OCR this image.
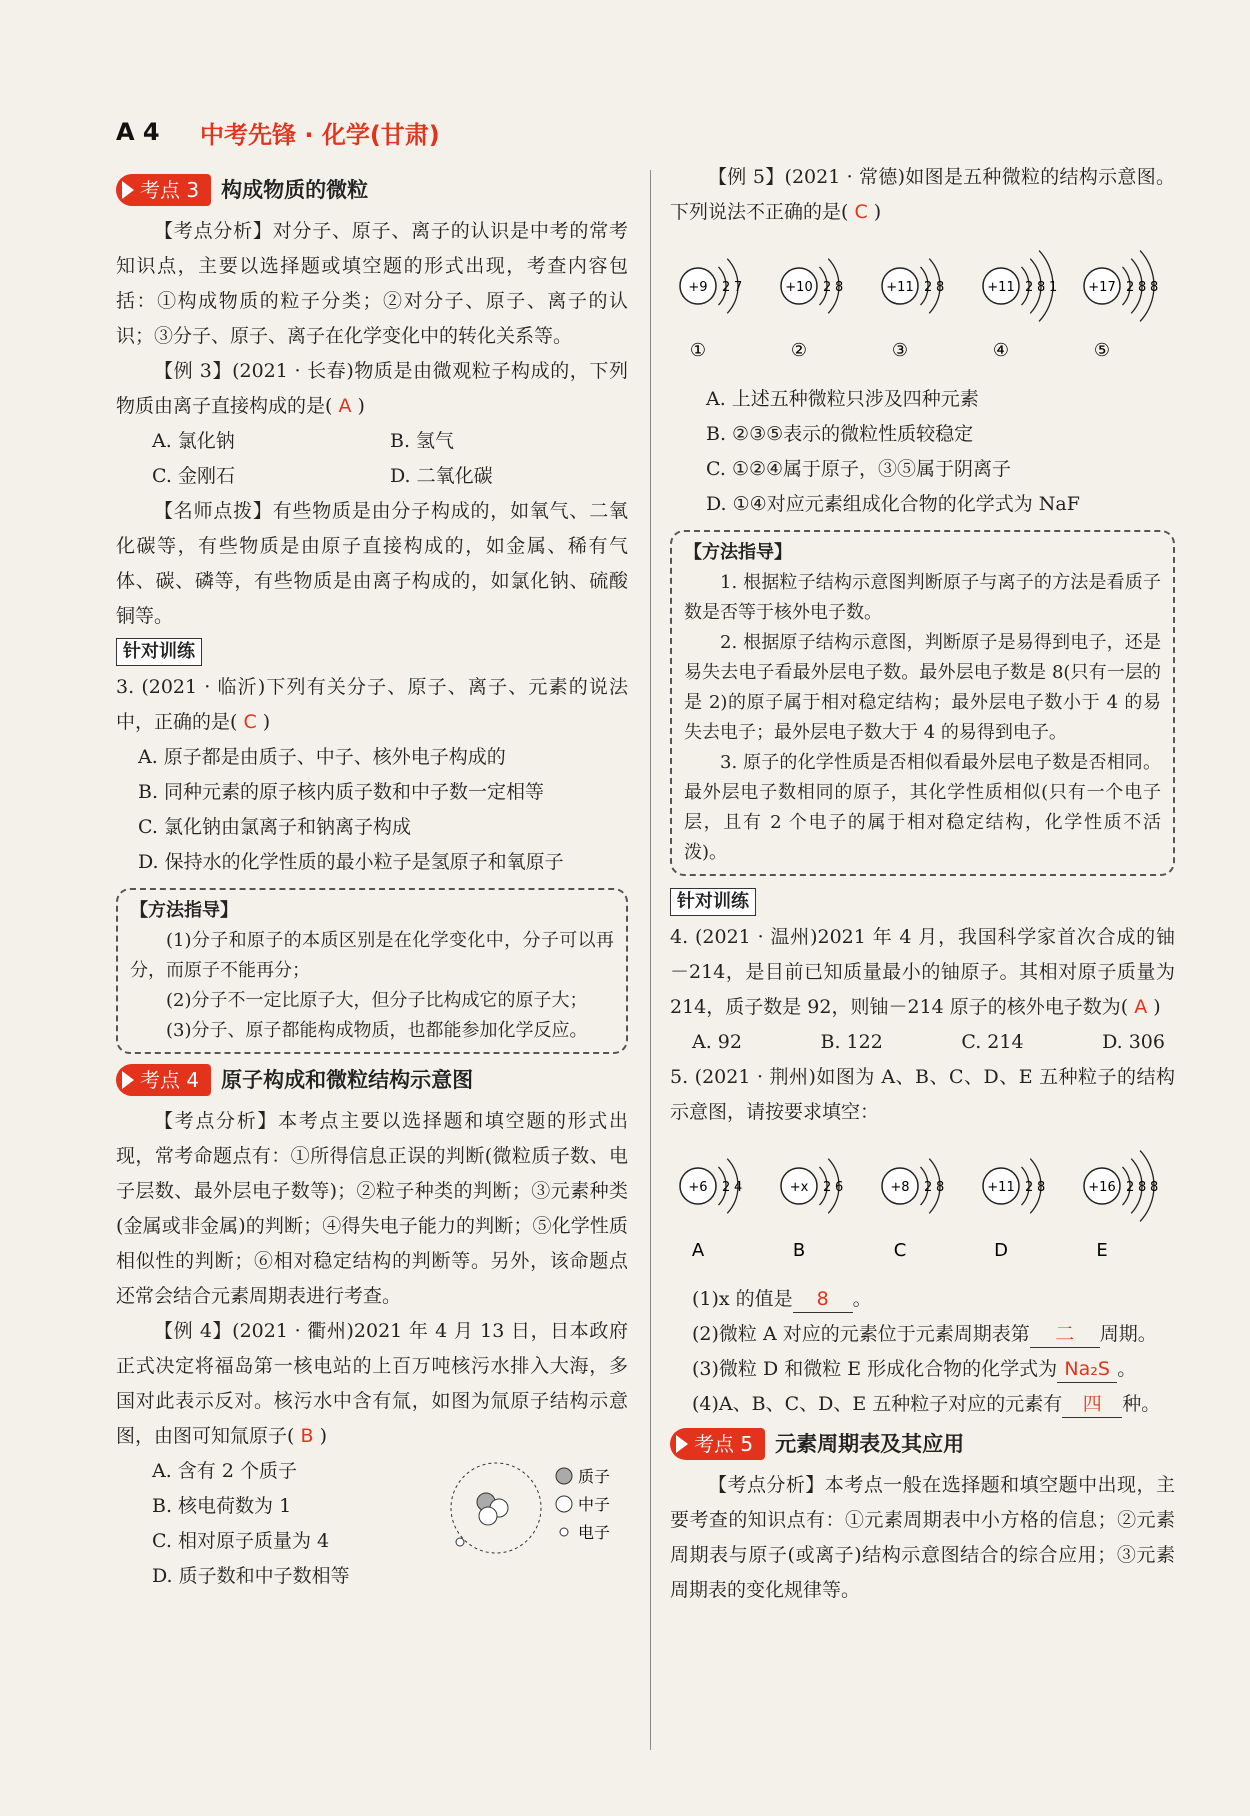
A 4 中考先锋 · 化学(甘肃)
考点 3 构成物质的微粒

【考点分析】对分子、原子、离子的认识是中考的常考知识点，主要以选择题或填空题的形式出现，考查内容包括：①构成物质的粒子分类；②对分子、原子、离子的认识；③分子、原子、离子在化学变化中的转化关系等。

【例 3】(2021 · 长春)物质是由微观粒子构成的，下列物质由离子直接构成的是( A )

A. 氯化钠	B. 氢气
C. 金刚石	D. 二氧化碳

【名师点拨】有些物质是由分子构成的，如氧气、二氧化碳等，有些物质是由原子直接构成的，如金属、稀有气体、碳、磷等，有些物质是由离子构成的，如氯化钠、硫酸铜等。

针对训练

3. (2021 · 临沂)下列有关分子、原子、离子、元素的说法中，正确的是( C )

A. 原子都是由质子、中子、核外电子构成的

B. 同种元素的原子核内质子数和中子数一定相等

C. 氯化钠由氯离子和钠离子构成

D. 保持水的化学性质的最小粒子是氢原子和氧原子

【方法指导】

(1)分子和原子的本质区别是在化学变化中，分子可以再分，而原子不能再分；

(2)分子不一定比原子大，但分子比构成它的原子大；

(3)分子、原子都能构成物质，也都能参加化学反应。

考点 4 原子构成和微粒结构示意图

【考点分析】本考点主要以选择题和填空题的形式出现，常考命题点有：①所得信息正误的判断(微粒质子数、电子层数、最外层电子数等)；②粒子种类的判断；③元素种类(金属或非金属)的判断；④得失电子能力的判断；⑤化学性质相似性的判断；⑥相对稳定结构的判断等。另外，该命题点还常会结合元素周期表进行考查。

【例 4】(2021 · 衢州)2021 年 4 月 13 日，日本政府正式决定将福岛第一核电站的上百万吨核污水排入大海，多国对此表示反对。核污水中含有氚，如图为氚原子结构示意图，由图可知氚原子( B )

A. 含有 2 个质子

B. 核电荷数为 1

C. 相对原子质量为 4

D. 质子数和中子数相等

质子
中子
电子

【例 5】(2021 · 常德)如图是五种微粒的结构示意图。下列说法不正确的是( C )

+9 2 7
①
+10 2 8
②
+11 2 8
③
+11 2 8 1
④
+17 2 8 8
⑤

A. 上述五种微粒只涉及四种元素

B. ②③⑤表示的微粒性质较稳定

C. ①②④属于原子，③⑤属于阴离子

D. ①④对应元素组成化合物的化学式为 NaF

【方法指导】

1. 根据粒子结构示意图判断原子与离子的方法是看质子数是否等于核外电子数。

2. 根据原子结构示意图，判断原子是易得到电子，还是易失去电子看最外层电子数。最外层电子数是 8(只有一层的是 2)的原子属于相对稳定结构；最外层电子数小于 4 的易失去电子；最外层电子数大于 4 的易得到电子。

3. 原子的化学性质是否相似看最外层电子数是否相同。最外层电子数相同的原子，其化学性质相似(只有一个电子层，且有 2 个电子的属于相对稳定结构，化学性质不活泼)。

针对训练

4. (2021 · 温州)2021 年 4 月，我国科学家首次合成的铀－214，是目前已知质量最小的铀原子。其相对原子质量为 214，质子数是 92，则铀－214 原子的核外电子数为( A )

A. 92	B. 122	C. 214	D. 306

5. (2021 · 荆州)如图为 A、B、C、D、E 五种粒子的结构示意图，请按要求填空：

+6 2 4
A
+x 2 6
B
+8 2 8
C
+11 2 8
D
+16 2 8 8
E

(1)x 的值是 8 。

(2)微粒 A 对应的元素位于元素周期表第 二 周期。

(3)微粒 D 和微粒 E 形成化合物的化学式为 Na₂S 。

(4)A、B、C、D、E 五种粒子对应的元素有 四 种。

考点 5 元素周期表及其应用

【考点分析】本考点一般在选择题和填空题中出现，主要考查的知识点有：①元素周期表中小方格的信息；②元素周期表与原子(或离子)结构示意图结合的综合应用；③元素周期表的变化规律等。
